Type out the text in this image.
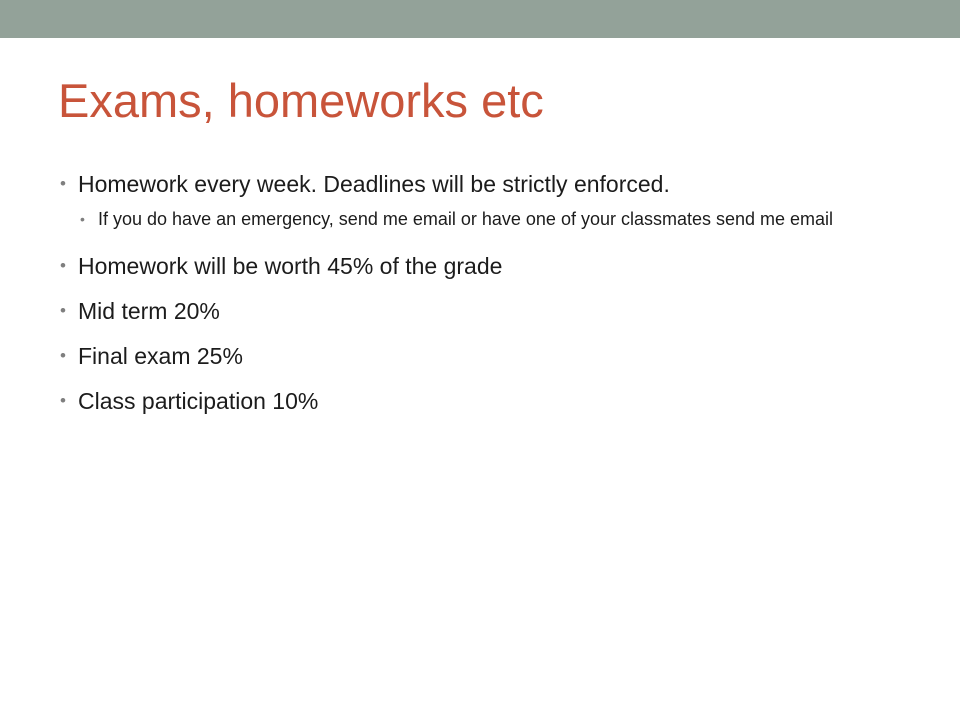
Exams, homeworks etc
• Homework every week. Deadlines will be strictly enforced.
• If you do have an emergency, send me email or have one of your classmates send me email
• Homework will be worth 45% of the grade
• Mid term 20%
• Final exam 25%
• Class participation 10%
